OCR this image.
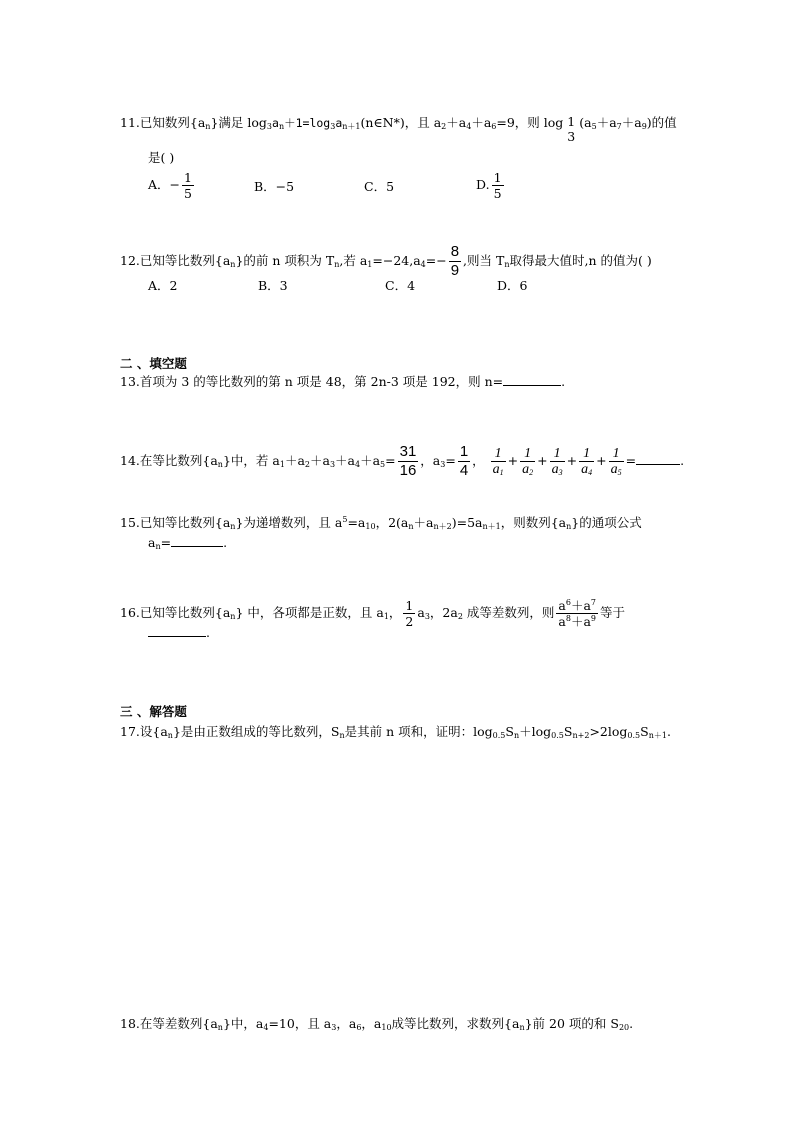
11.已知数列$\{a_n\}$满足 $\log_3a_n+1=\log_3a_{n+1}(n\in N*)$，且 $a_2+a_4+a_6=9$，则 log 1
3
$(a_5+a_7+a_9)$的值
是( )
A．− $\frac{1}{5}$	B．−5	C．5	D. $\frac{1}{5}$
12.已知等比数列$\{a_n\}$的前 n 项积为 $T_n$,若 $a_1=-24,a_4=- \frac{8}{9}$ ,则当 $T_n$取得最大值时,n 的值为( )
A．2	B．3	C．4	D．6
二 、填空题
13.首项为 3 的等比数列的第 n 项是 48，第 2n-3 项是 192，则 n=	.
14.在等比数列$\{a_n\}$中，若 $a_1+a_2+a_3+a_4+a_5= \frac{31}{16}$ ，$a_3= \frac{1}{4}$ ， $\frac{1}{a_1} + \frac{1}{a_2} + \frac{1}{a_3} + \frac{1}{a_4} + \frac{1}{a_5}$ =	.
15.已知等比数列$\{a_n\}$为递增数列，且 $a^5=a_{10}$，$2(a_n+a_{n+2})=5a_{n+1}$，则数列$\{a_n\}$的通项公式
$a_n=$	.
16.已知等比数列$\{a_n\}$ 中，各项都是正数，且 $a_1$， $\frac{1}{2} a_3$，$2a_2$ 成等差数列，则 $\frac{a^6+a^7}{a^8+a^9}$ 等于
.
三 、解答题
17.设$\{a_n\}$是由正数组成的等比数列，$S_n$是其前 n 项和，证明：$\log_{0.5}S_n+\log_{0.5}S_{n+2}>2\log_{0.5}S_{n+1}$.
18.在等差数列$\{a_n\}$中，$a_4=10$，且 $a_3$，$a_6$，$a_{10}$成等比数列，求数列$\{a_n\}$前 20 项的和 $S_{20}$.
